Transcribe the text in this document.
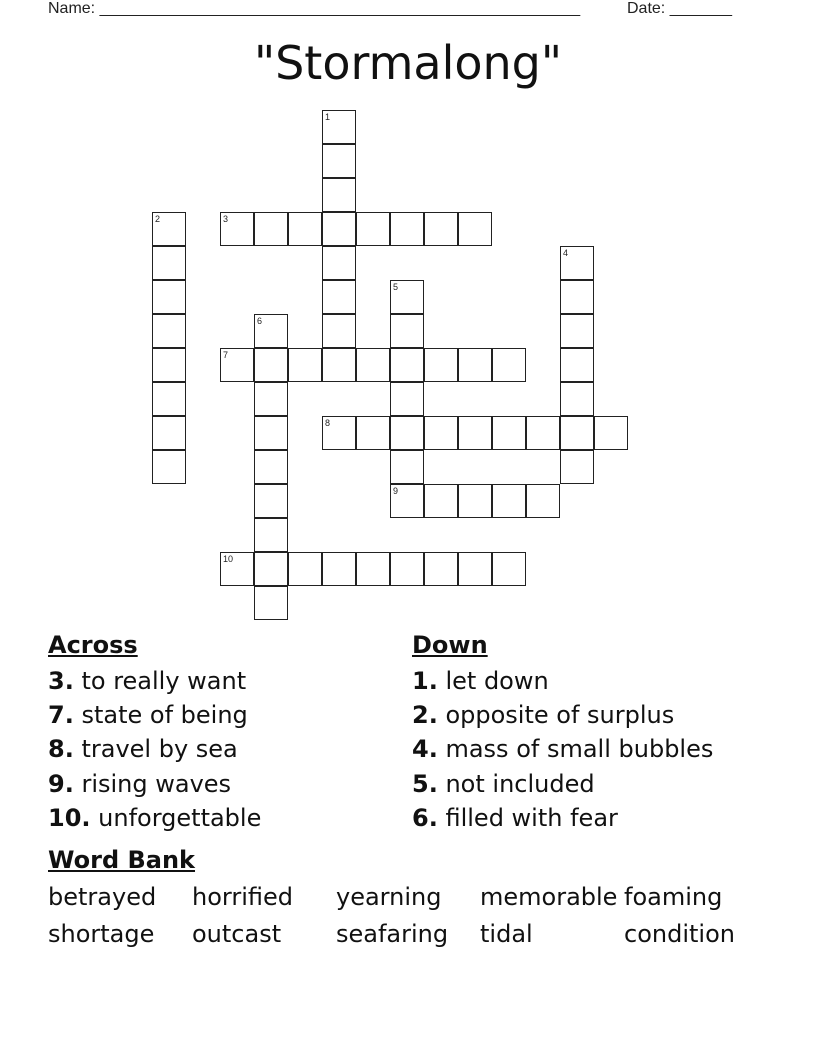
Name: ______________________________________________________	Date: _______
"Stormalong"
1
2	3
4
5
9
6
7
8
10
Across	Down
3. to really want
7. state of being
8. travel by sea
9. rising waves
10. unforgettable
1. let down
2. opposite of surplus
4. mass of small bubbles
5. not included
6. filled with fear
Word Bank
betrayed horrified yearning memorable foaming
shortage outcast seafaring tidal	condition
